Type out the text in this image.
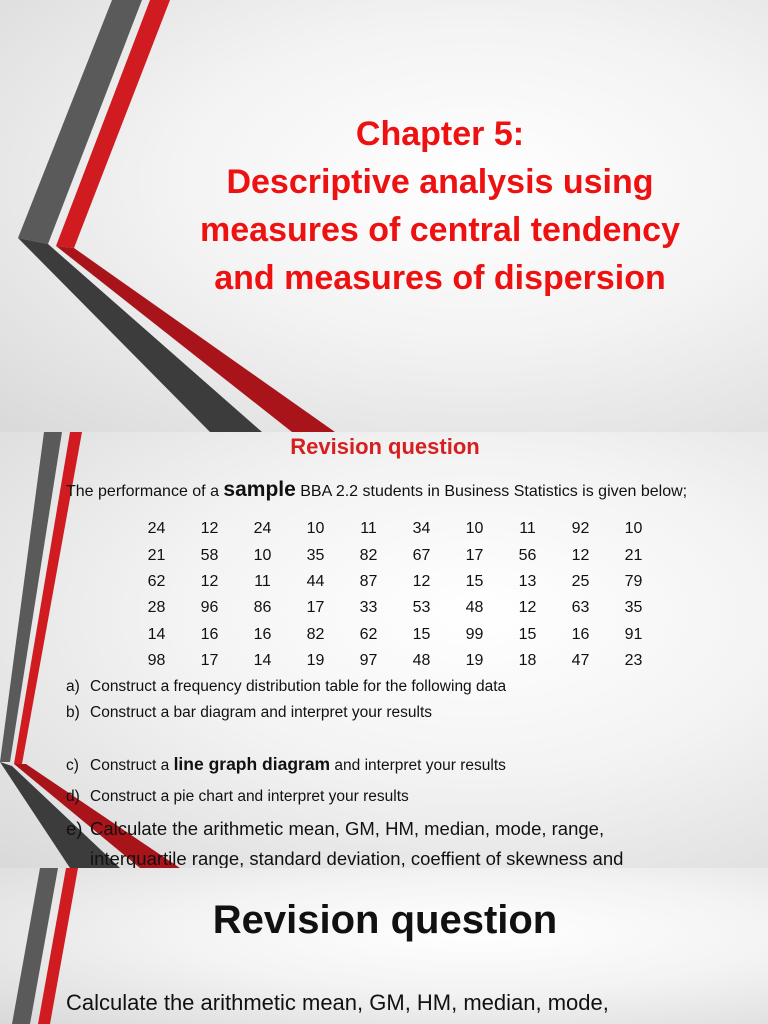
Chapter 5:
Descriptive analysis using
measures of central tendency
and measures of dispersion
Revision question
The performance of a sample BBA 2.2 students in Business Statistics is given below;
24	12	24	10	11	34	10	11	92	10
21	58	10	35	82	67	17	56	12	21
62	12	11	44	87	12	15	13	25	79
28	96	86	17	33	53	48	12	63	35
14	16	16	82	62	15	99	15	16	91
98	17	14	19	97	48	19	18	47	23
a) Construct a frequency distribution table for the following data
b) Construct a bar diagram and interpret your results
c) Construct a line graph diagram and interpret your results
d) Construct a pie chart and interpret your results
e) Calculate the arithmetic mean, GM, HM, median, mode, range,
interquartile range, standard deviation, coeffient of skewness and
Revision question
Calculate the arithmetic mean, GM, HM, median, mode,
